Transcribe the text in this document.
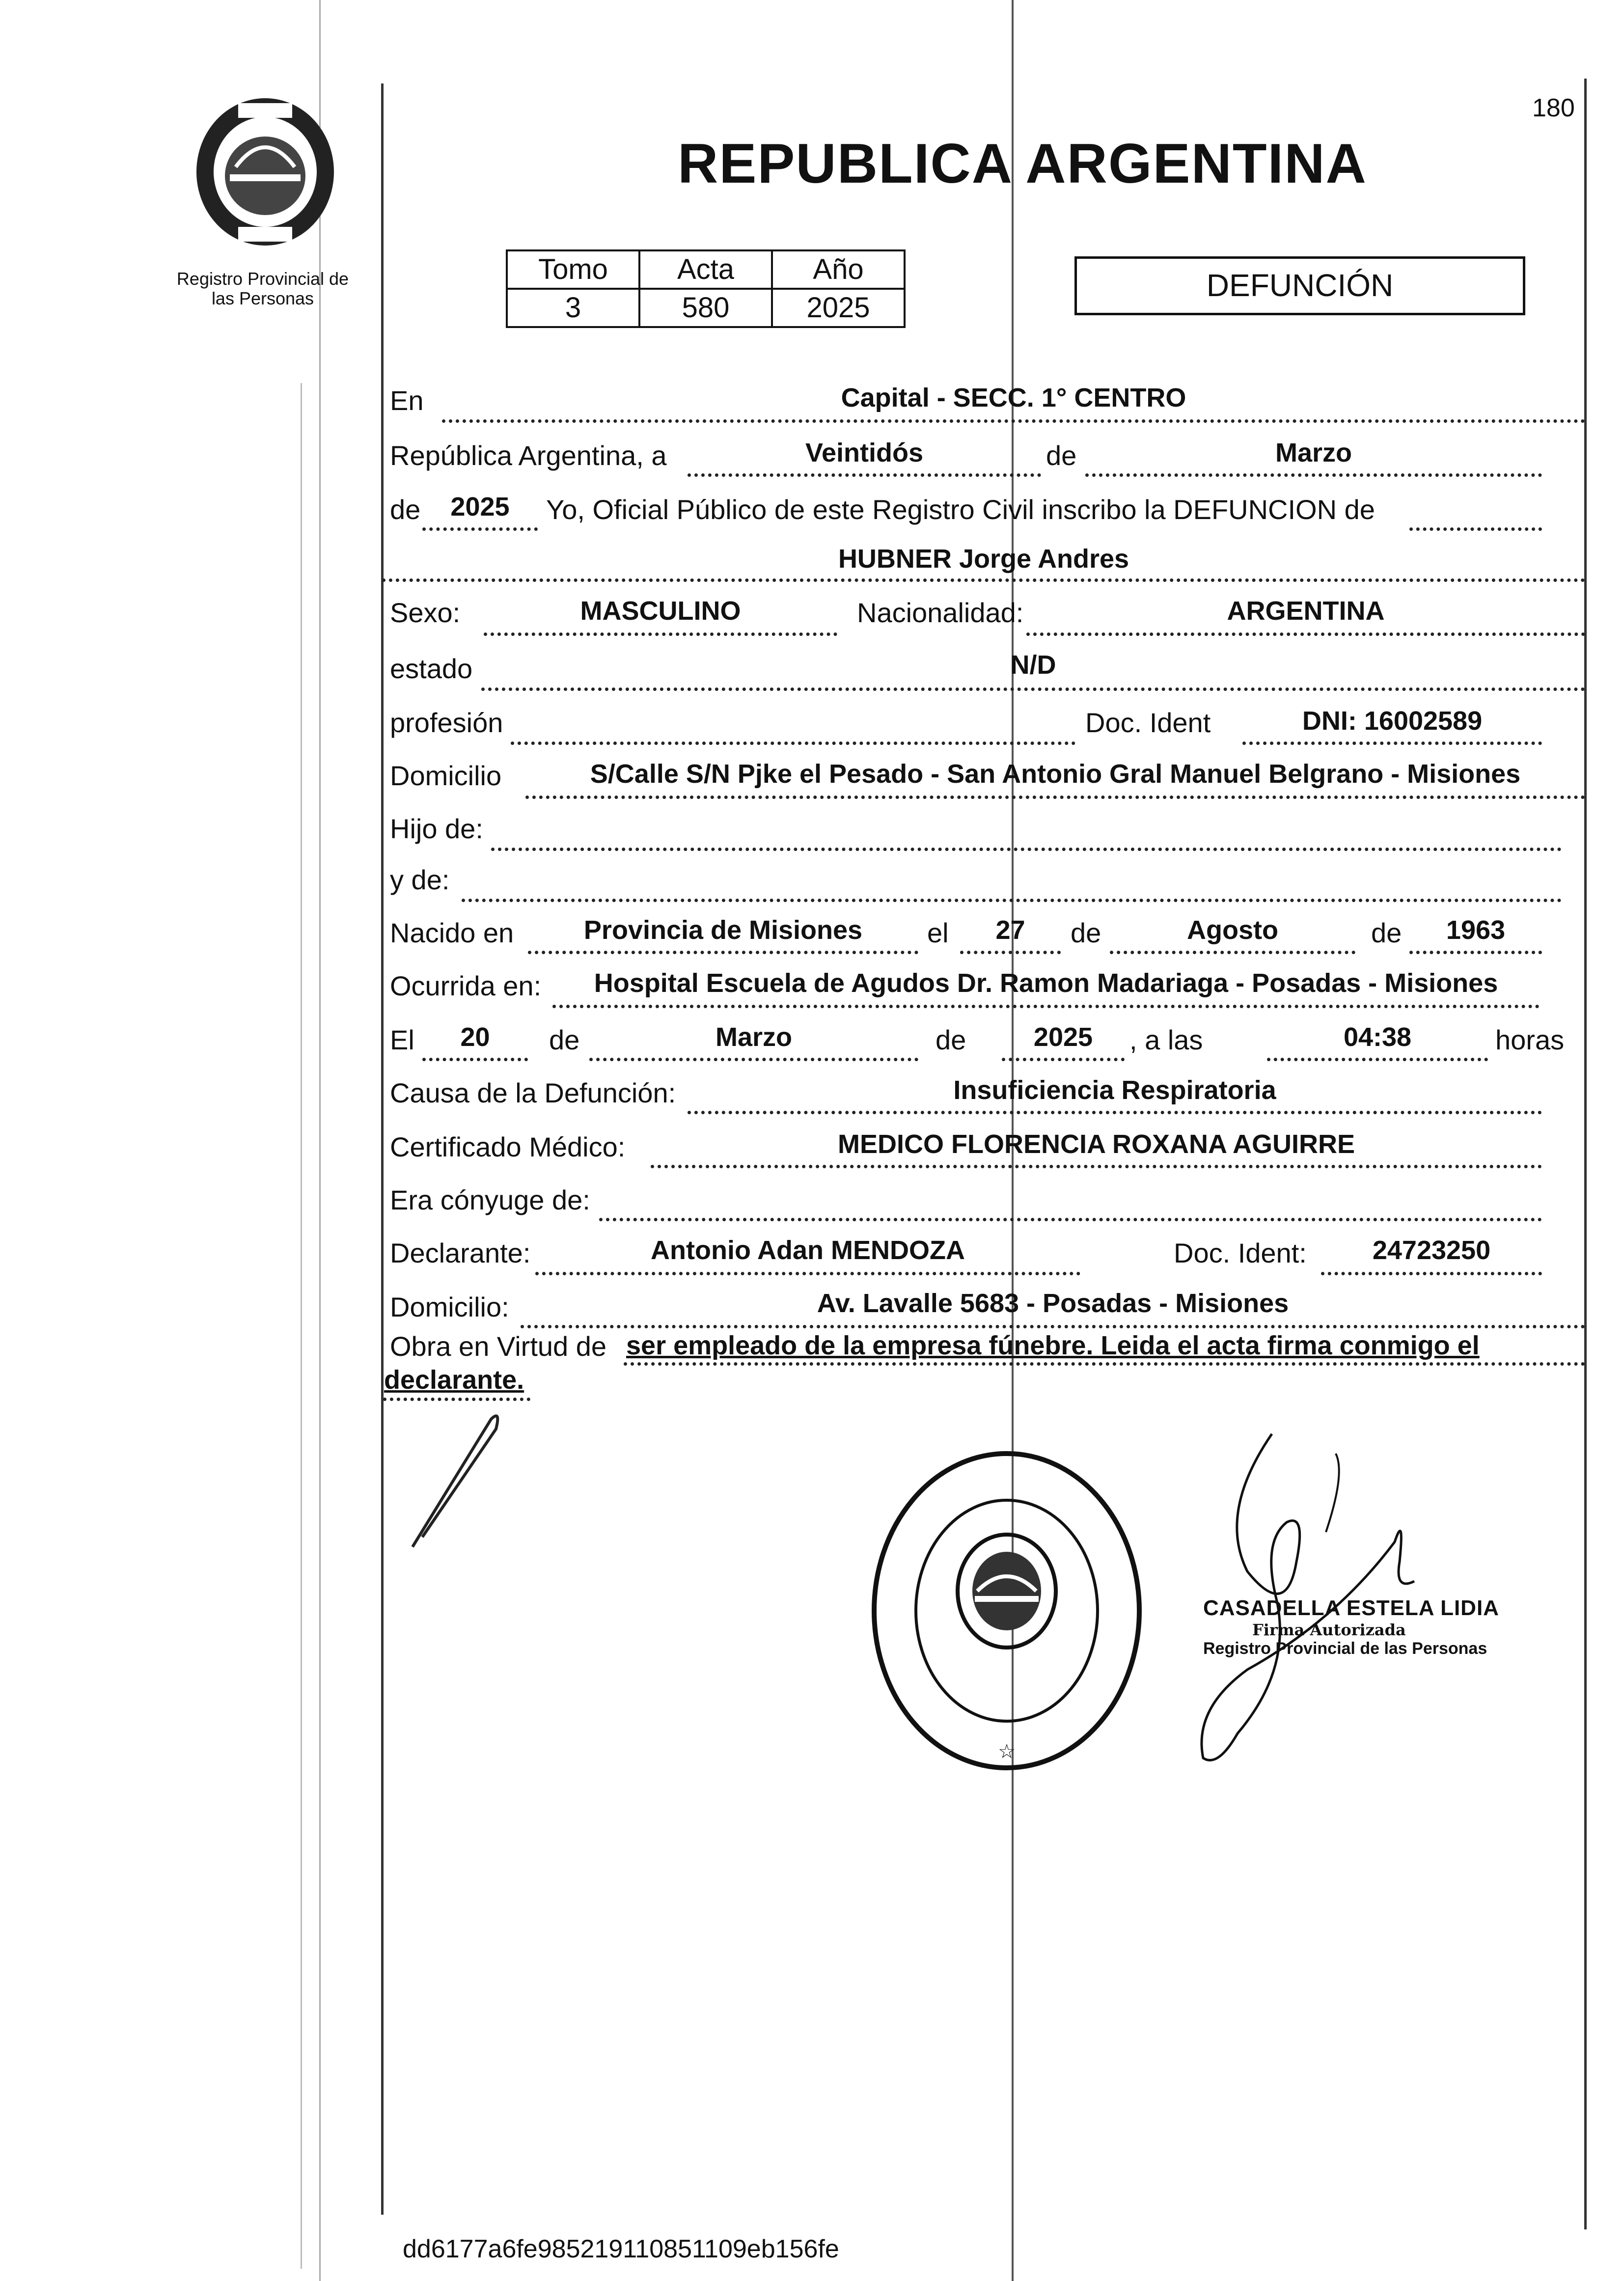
Registro Provincial de
las Personas
180
REPUBLICA ARGENTINA
Tomo	Acta	Año
3	580	2025
DEFUNCIÓN
En	Capital - SECC. 1° CENTRO
República Argentina, a	Veintidós	de	Marzo
de	2025	Yo, Oficial Público de este Registro Civil inscribo la DEFUNCION de
HUBNER Jorge Andres
Sexo:	MASCULINO	Nacionalidad:	ARGENTINA
estado	N/D
profesión	Doc. Ident	DNI: 16002589
Domicilio	S/Calle S/N Pjke el Pesado - San Antonio Gral Manuel Belgrano - Misiones
Hijo de:
y de:
Nacido en	Provincia de Misiones	el	27	de	Agosto	de	1963
Ocurrida en:	Hospital Escuela de Agudos Dr. Ramon Madariaga - Posadas - Misiones
El	20	de	Marzo	de	2025	, a las	04:38	horas
Causa de la Defunción:	Insuficiencia Respiratoria
Certificado Médico:	MEDICO FLORENCIA ROXANA AGUIRRE
Era cónyuge de:
Declarante:	Antonio Adan MENDOZA	Doc. Ident:	24723250
Domicilio:	Av. Lavalle 5683 - Posadas - Misiones
Obra en Virtud de ser empleado de la empresa fúnebre. Leida el acta firma conmigo el
declarante.
☆
CASADELLA ESTELA LIDIA
Firma Autorizada
Registro Provincial de las Personas
dd6177a6fe985219110851109eb156fe
